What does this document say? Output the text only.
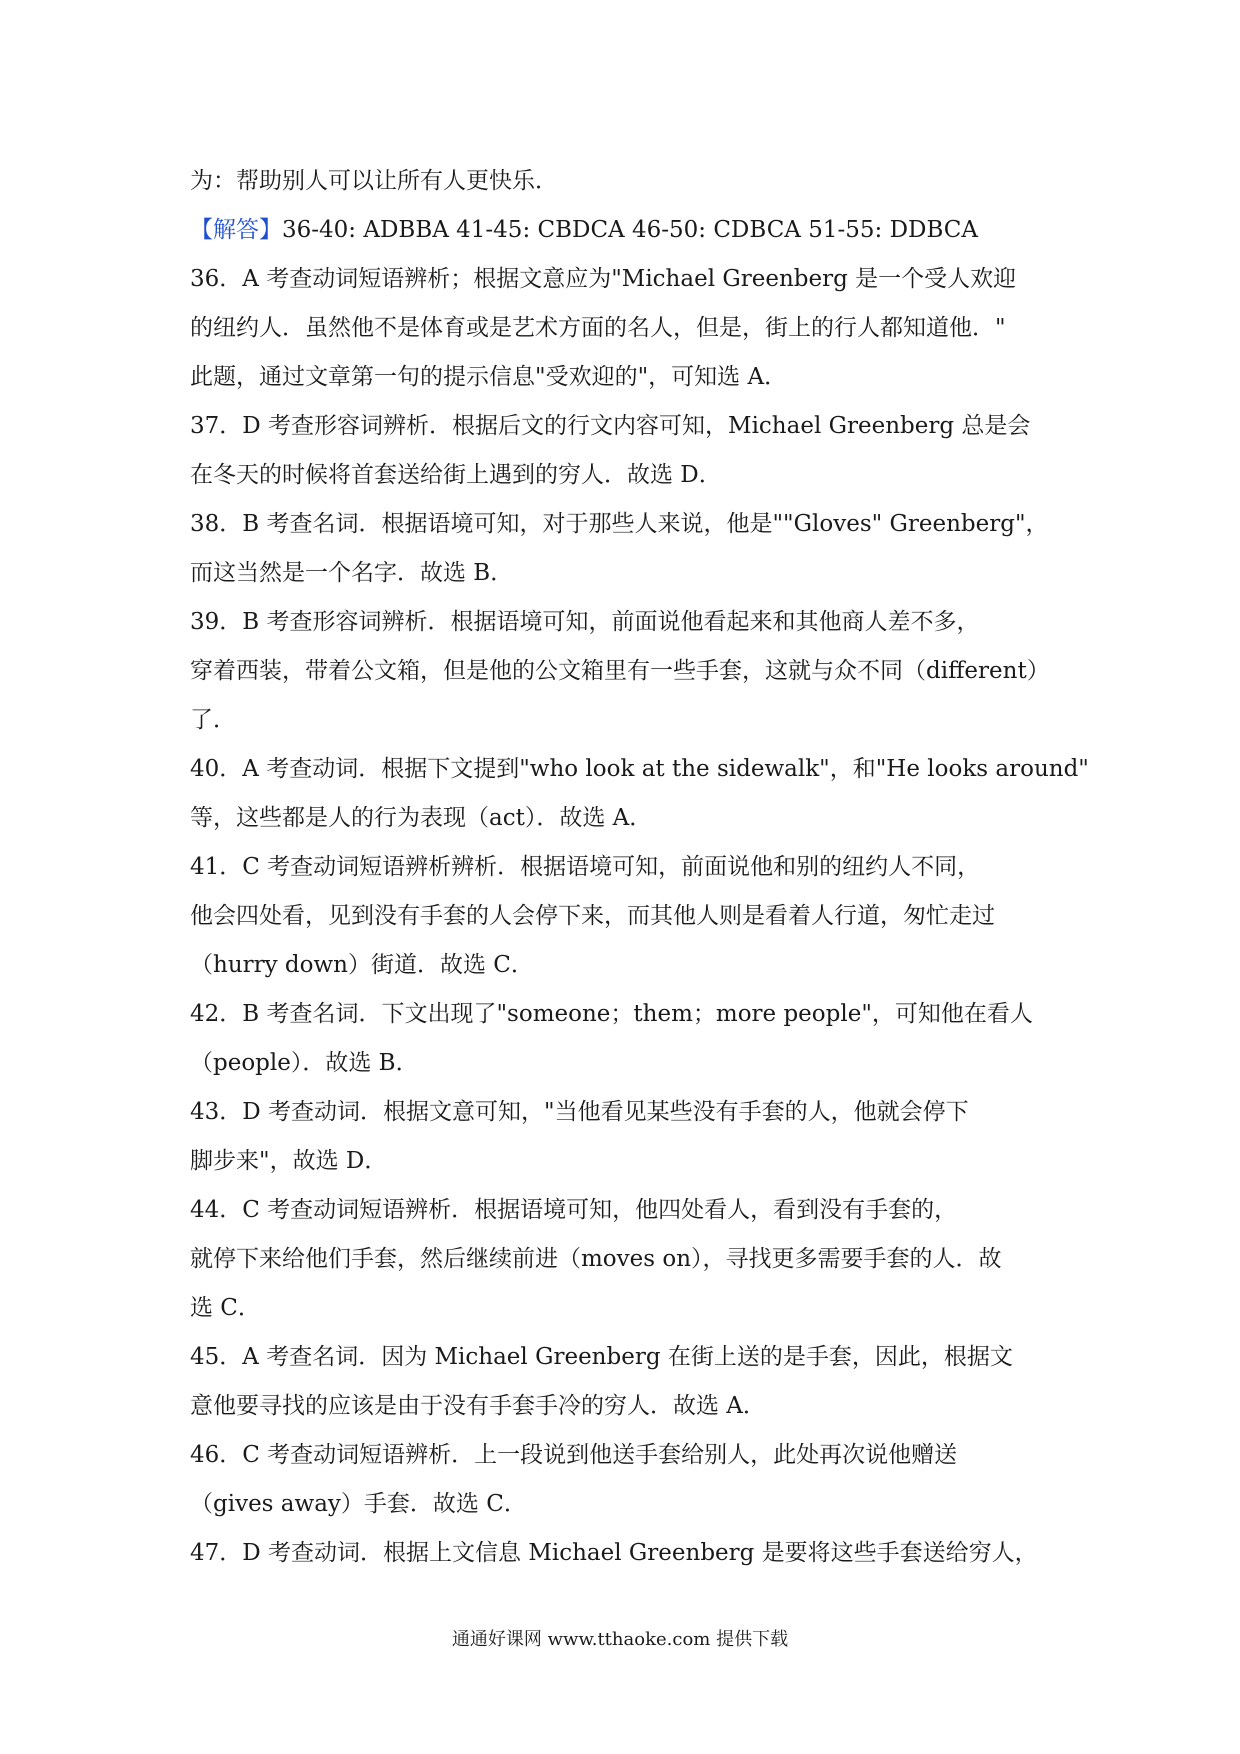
为：帮助别人可以让所有人更快乐．
【解答】36-40: ADBBA 41-45: CBDCA 46-50: CDBCA 51-55: DDBCA
36．A 考查动词短语辨析；根据文意应为"Michael Greenberg 是一个受人欢迎
的纽约人．虽然他不是体育或是艺术方面的名人，但是，街上的行人都知道他．"
此题，通过文章第一句的提示信息"受欢迎的"，可知选 A．
37．D 考查形容词辨析．根据后文的行文内容可知，Michael Greenberg 总是会
在冬天的时候将首套送给街上遇到的穷人．故选 D．
38．B 考查名词．根据语境可知，对于那些人来说，他是""Gloves" Greenberg"，
而这当然是一个名字．故选 B．
39．B 考查形容词辨析．根据语境可知，前面说他看起来和其他商人差不多，
穿着西装，带着公文箱，但是他的公文箱里有一些手套，这就与众不同（different）
了．
40．A 考查动词．根据下文提到"who look at the sidewalk"，和"He looks around"
等，这些都是人的行为表现（act）．故选 A．
41．C 考查动词短语辨析辨析．根据语境可知，前面说他和别的纽约人不同，
他会四处看，见到没有手套的人会停下来，而其他人则是看着人行道，匆忙走过
（hurry down）街道．故选 C．
42．B 考查名词．下文出现了"someone；them；more people"，可知他在看人
（people）．故选 B．
43．D 考查动词．根据文意可知，"当他看见某些没有手套的人，他就会停下
脚步来"，故选 D．
44．C 考查动词短语辨析．根据语境可知，他四处看人，看到没有手套的，
就停下来给他们手套，然后继续前进（moves on），寻找更多需要手套的人．故
选 C．
45．A 考查名词．因为 Michael Greenberg 在街上送的是手套，因此，根据文
意他要寻找的应该是由于没有手套手冷的穷人．故选 A．
46．C 考查动词短语辨析．上一段说到他送手套给别人，此处再次说他赠送
（gives away）手套．故选 C．
47．D 考查动词．根据上文信息 Michael Greenberg 是要将这些手套送给穷人，
通通好课网 www.tthaoke.com 提供下载
